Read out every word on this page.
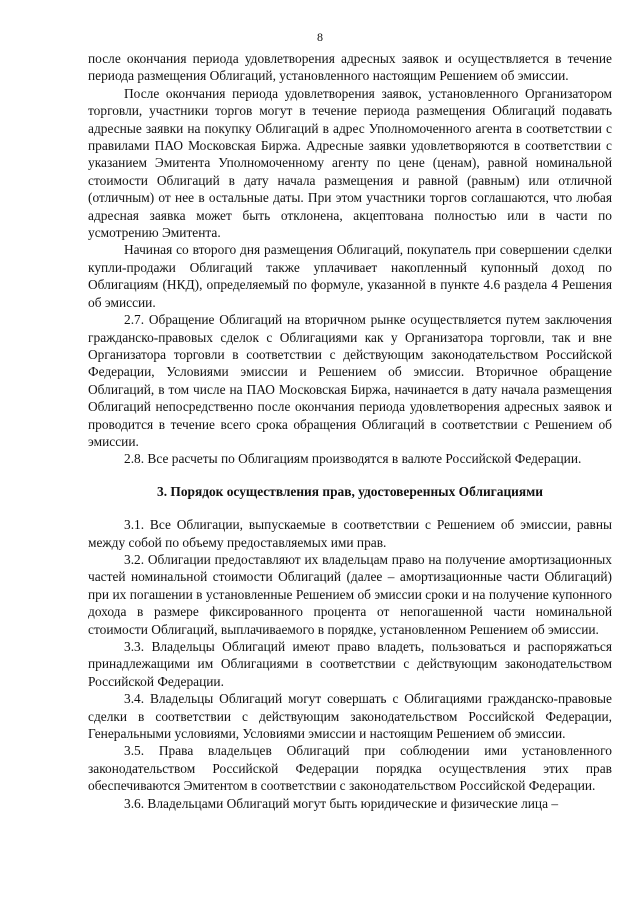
8

после окончания периода удовлетворения адресных заявок и осуществляется в течение периода размещения Облигаций, установленного настоящим Решением об эмиссии.

После окончания периода удовлетворения заявок, установленного Организатором торговли, участники торгов могут в течение периода размещения Облигаций подавать адресные заявки на покупку Облигаций в адрес Уполномоченного агента в соответствии с правилами ПАО Московская Биржа. Адресные заявки удовлетворяются в соответствии с указанием Эмитента Уполномоченному агенту по цене (ценам), равной номинальной стоимости Облигаций в дату начала размещения и равной (равным) или отличной (отличным) от нее в остальные даты. При этом участники торгов соглашаются, что любая адресная заявка может быть отклонена, акцептована полностью или в части по усмотрению Эмитента.

Начиная со второго дня размещения Облигаций, покупатель при совершении сделки купли-продажи Облигаций также уплачивает накопленный купонный доход по Облигациям (НКД), определяемый по формуле, указанной в пункте 4.6 раздела 4 Решения об эмиссии.

2.7. Обращение Облигаций на вторичном рынке осуществляется путем заключения гражданско-правовых сделок с Облигациями как у Организатора торговли, так и вне Организатора торговли в соответствии с действующим законодательством Российской Федерации, Условиями эмиссии и Решением об эмиссии. Вторичное обращение Облигаций, в том числе на ПАО Московская Биржа, начинается в дату начала размещения Облигаций непосредственно после окончания периода удовлетворения адресных заявок и проводится в течение всего срока обращения Облигаций в соответствии с Решением об эмиссии.

2.8. Все расчеты по Облигациям производятся в валюте Российской Федерации.

3. Порядок осуществления прав, удостоверенных Облигациями

3.1. Все Облигации, выпускаемые в соответствии с Решением об эмиссии, равны между собой по объему предоставляемых ими прав.

3.2. Облигации предоставляют их владельцам право на получение амортизационных частей номинальной стоимости Облигаций (далее – амортизационные части Облигаций) при их погашении в установленные Решением об эмиссии сроки и на получение купонного дохода в размере фиксированного процента от непогашенной части номинальной стоимости Облигаций, выплачиваемого в порядке, установленном Решением об эмиссии.

3.3. Владельцы Облигаций имеют право владеть, пользоваться и распоряжаться принадлежащими им Облигациями в соответствии с действующим законодательством Российской Федерации.

3.4. Владельцы Облигаций могут совершать с Облигациями гражданско-правовые сделки в соответствии с действующим законодательством Российской Федерации, Генеральными условиями, Условиями эмиссии и настоящим Решением об эмиссии.

3.5. Права владельцев Облигаций при соблюдении ими установленного законодательством Российской Федерации порядка осуществления этих прав обеспечиваются Эмитентом в соответствии с законодательством Российской Федерации.

3.6. Владельцами Облигаций могут быть юридические и физические лица –
